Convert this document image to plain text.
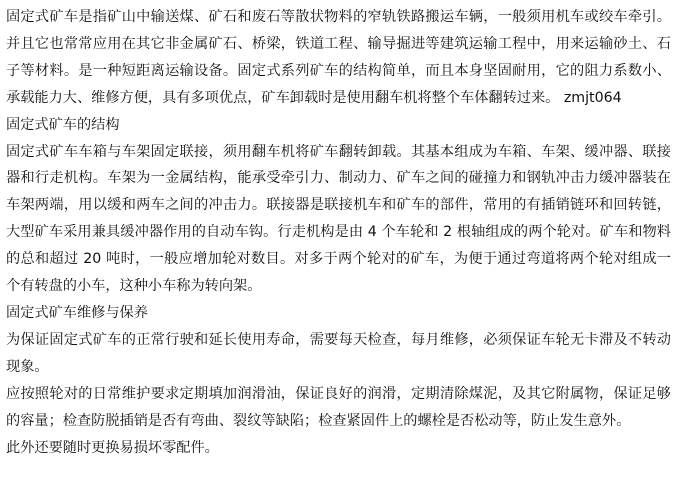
固定式矿车是指矿山中输送煤、矿石和废石等散状物料的窄轨铁路搬运车辆，一般须用机车或绞车牵引。并且它也常常应用在其它非金属矿石、桥梁，铁道工程、输导掘进等建筑运输工程中，用来运输砂土、石子等材料。是一种短距离运输设备。固定式系列矿车的结构简单，而且本身坚固耐用，它的阻力系数小、承载能力大、维修方便，具有多项优点，矿车卸载时是使用翻车机将整个车体翻转过来。 zmjt064

固定式矿车的结构

固定式矿车车箱与车架固定联接，须用翻车机将矿车翻转卸载。其基本组成为车箱、车架、缓冲器、联接器和行走机构。车架为一金属结构，能承受牵引力、制动力、矿车之间的碰撞力和钢轨冲击力缓冲器装在车架两端，用以缓和两车之间的冲击力。联接器是联接机车和矿车的部件，常用的有插销链环和回转链，大型矿车采用兼具缓冲器作用的自动车钩。行走机构是由 4 个车轮和 2 根轴组成的两个轮对。矿车和物料的总和超过 20 吨时，一般应增加轮对数目。对多于两个轮对的矿车，为便于通过弯道将两个轮对组成一个有转盘的小车，这种小车称为转向架。

固定式矿车维修与保养

为保证固定式矿车的正常行驶和延长使用寿命，需要每天检查，每月维修，必须保证车轮无卡滞及不转动现象。

应按照轮对的日常维护要求定期填加润滑油，保证良好的润滑，定期清除煤泥，及其它附属物，保证足够的容量；检查防脱插销是否有弯曲、裂纹等缺陷；检查紧固件上的螺栓是否松动等，防止发生意外。

此外还要随时更换易损坏零配件。
